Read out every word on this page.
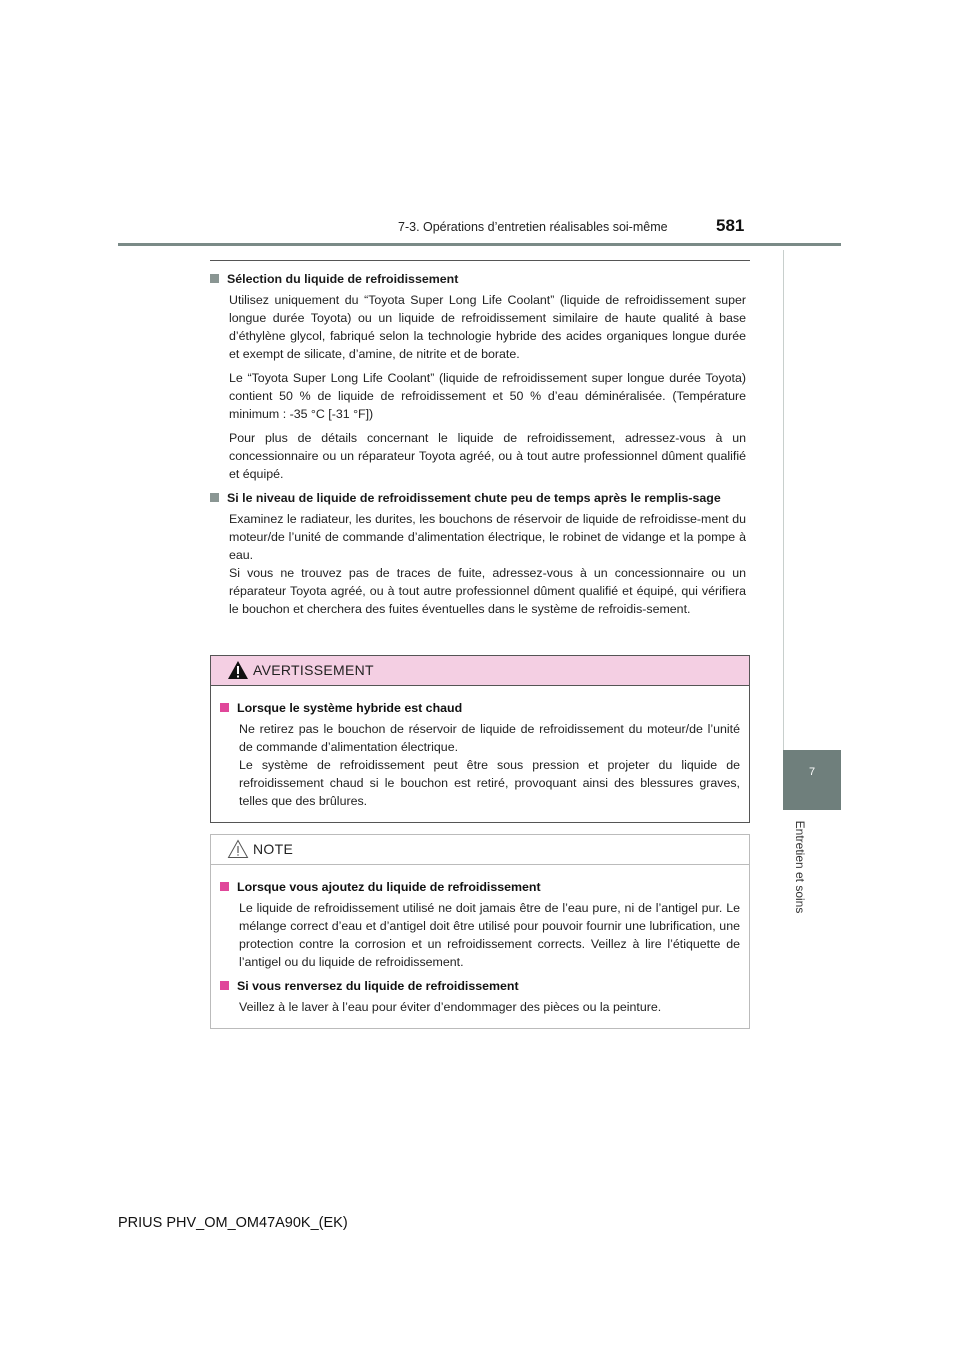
7-3. Opérations d’entretien réalisables soi-même	581
7
Entretien et soins
Sélection du liquide de refroidissement

Utilisez uniquement du “Toyota Super Long Life Coolant” (liquide de refroidissement super longue durée Toyota) ou un liquide de refroidissement similaire de haute qualité à base d’éthylène glycol, fabriqué selon la technologie hybride des acides organiques longue durée et exempt de silicate, d’amine, de nitrite et de borate.

Le “Toyota Super Long Life Coolant” (liquide de refroidissement super longue durée Toyota) contient 50 % de liquide de refroidissement et 50 % d’eau déminéralisée. (Température minimum : -35 °C [-31 °F])

Pour plus de détails concernant le liquide de refroidissement, adressez-vous à un concessionnaire ou un réparateur Toyota agréé, ou à tout autre professionnel dûment qualifié et équipé.

Si le niveau de liquide de refroidissement chute peu de temps après le remplis-sage

Examinez le radiateur, les durites, les bouchons de réservoir de liquide de refroidisse-ment du moteur/de l’unité de commande d’alimentation électrique, le robinet de vidange et la pompe à eau.

Si vous ne trouvez pas de traces de fuite, adressez-vous à un concessionnaire ou un réparateur Toyota agréé, ou à tout autre professionnel dûment qualifié et équipé, qui vérifiera le bouchon et cherchera des fuites éventuelles dans le système de refroidis-sement.

AVERTISSEMENT
Lorsque le système hybride est chaud

Ne retirez pas le bouchon de réservoir de liquide de refroidissement du moteur/de l’unité de commande d’alimentation électrique.

Le système de refroidissement peut être sous pression et projeter du liquide de refroidissement chaud si le bouchon est retiré, provoquant ainsi des blessures graves, telles que des brûlures.

NOTE
Lorsque vous ajoutez du liquide de refroidissement

Le liquide de refroidissement utilisé ne doit jamais être de l’eau pure, ni de l’antigel pur. Le mélange correct d’eau et d’antigel doit être utilisé pour pouvoir fournir une lubrification, une protection contre la corrosion et un refroidissement corrects. Veillez à lire l’étiquette de l’antigel ou du liquide de refroidissement.

Si vous renversez du liquide de refroidissement

Veillez à le laver à l’eau pour éviter d’endommager des pièces ou la peinture.

PRIUS PHV_OM_OM47A90K_(EK)
